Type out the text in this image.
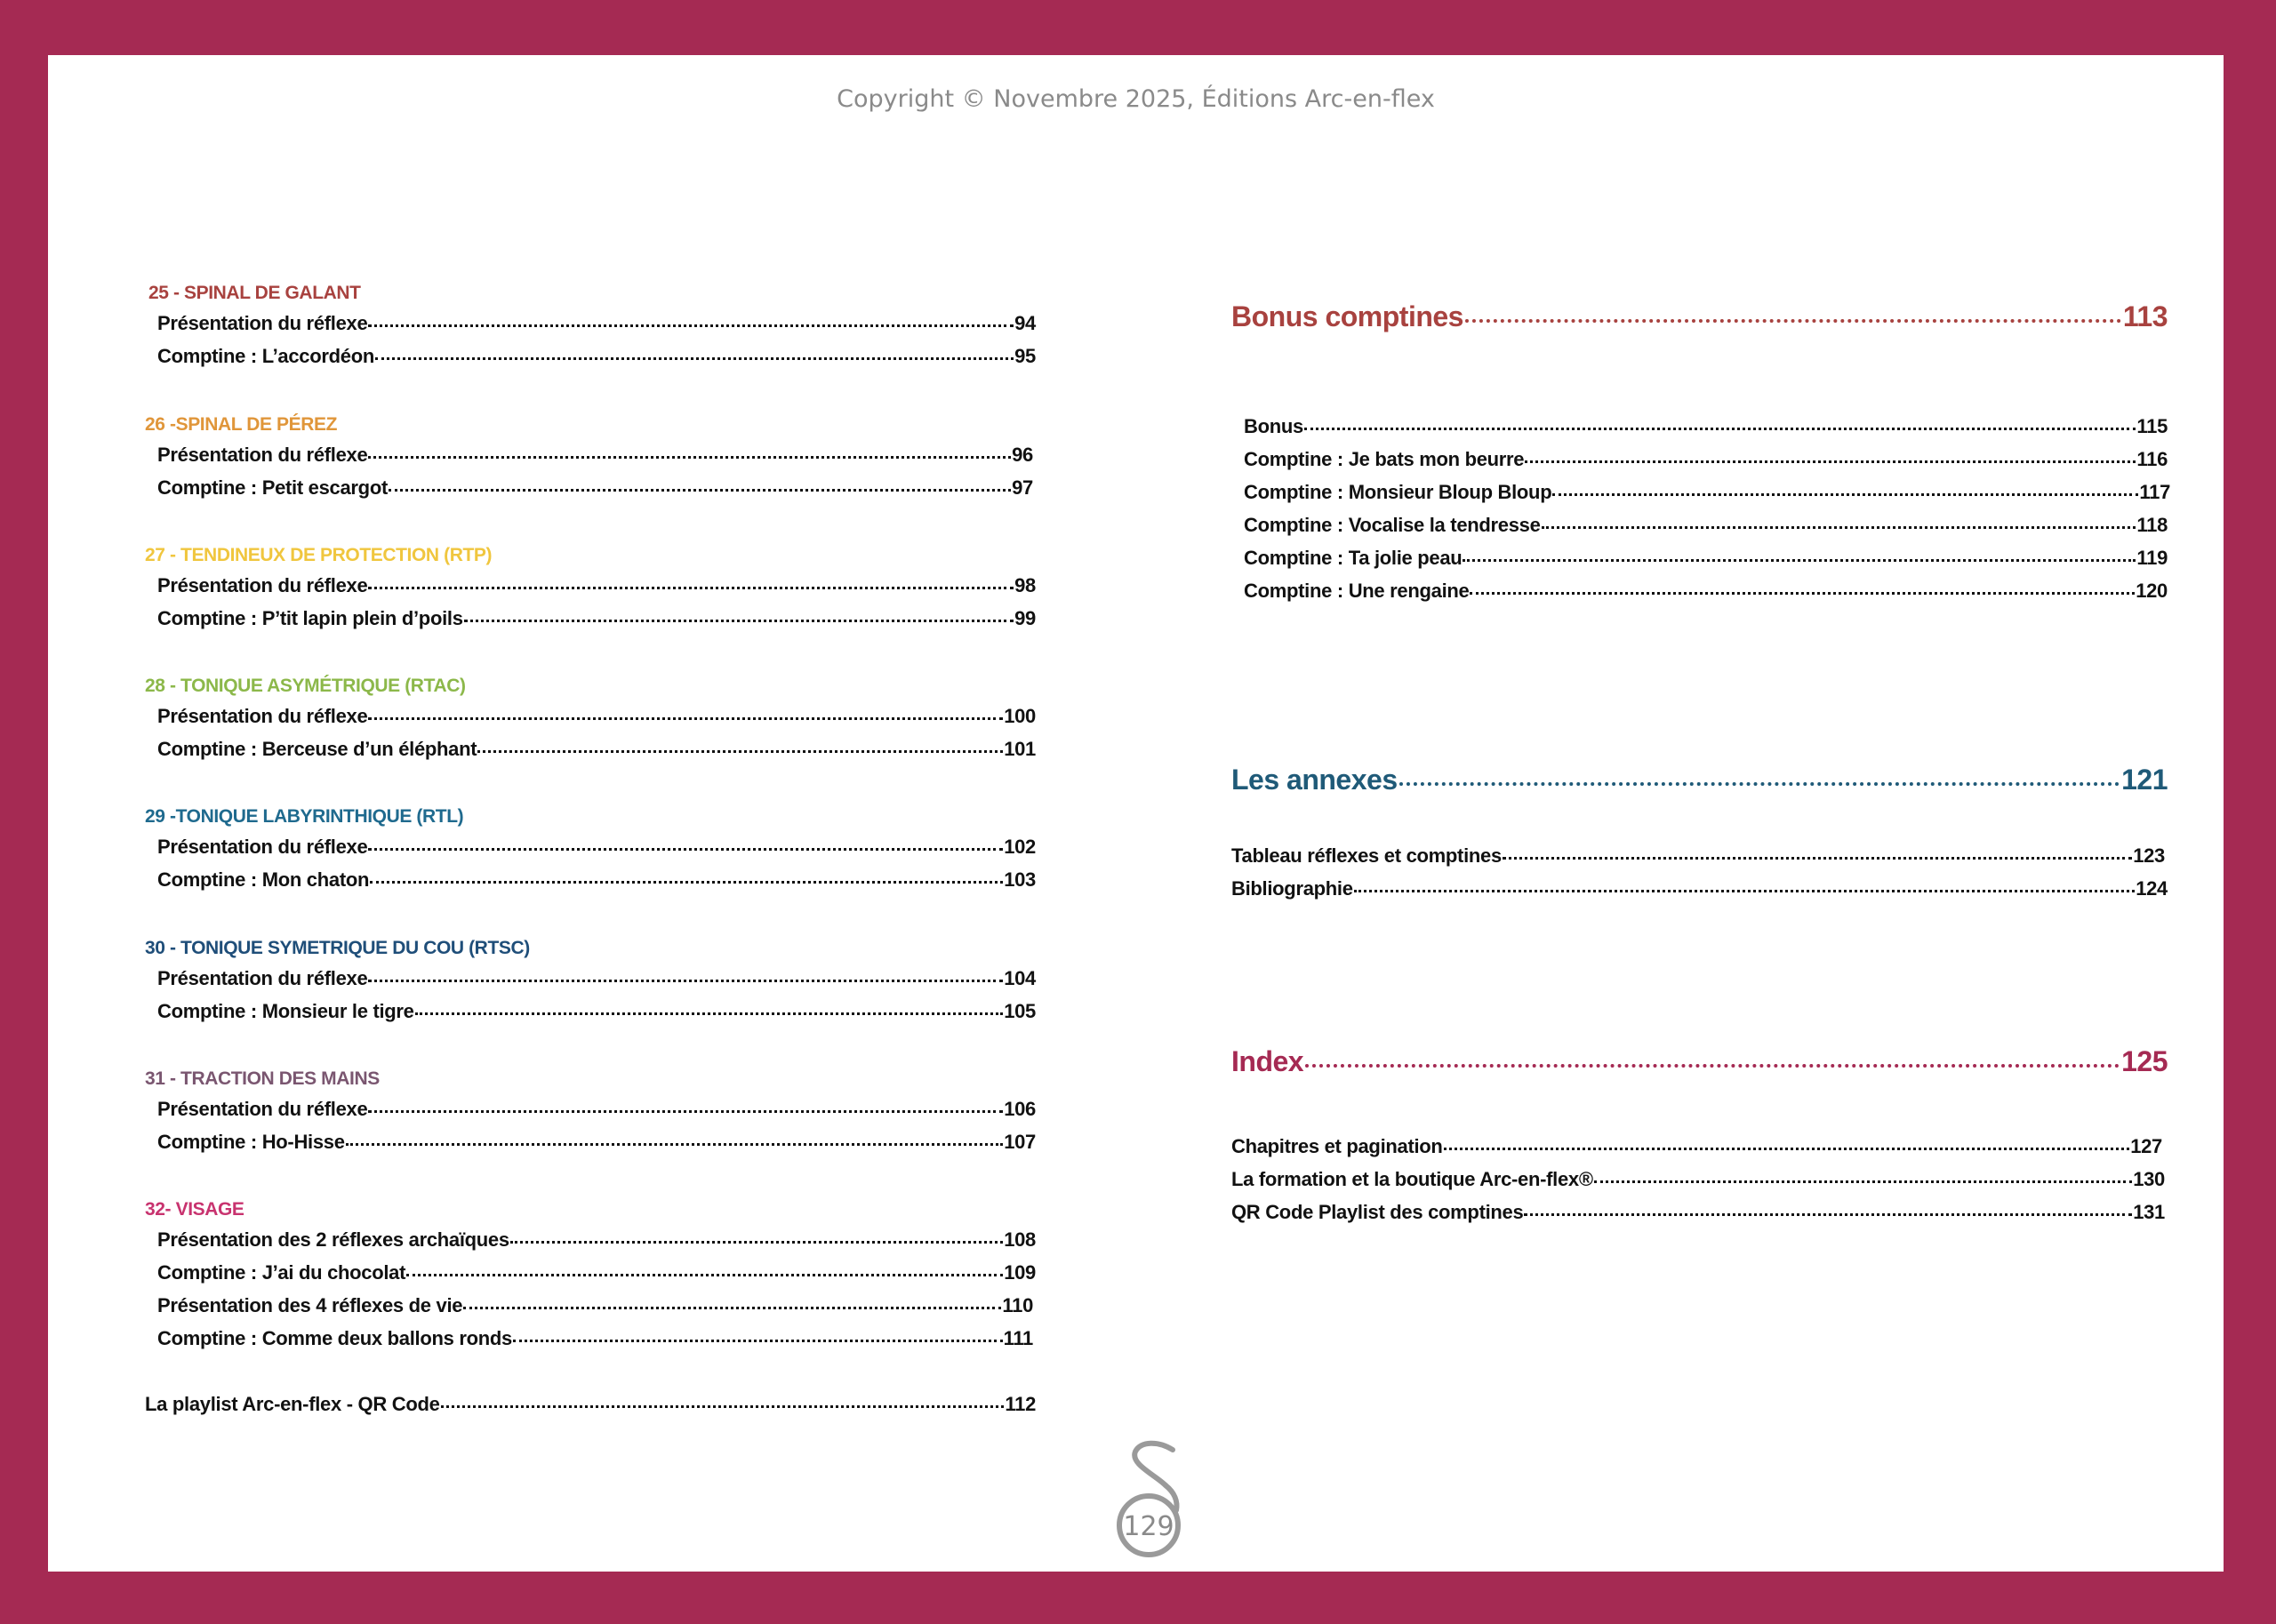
Copyright © Novembre 2025, Éditions Arc-en-flex
25 - SPINAL DE GALANT
Présentation du réflexe	94
Comptine : L’accordéon	95
26 -SPINAL DE PÉREZ
Présentation du réflexe	96
Comptine : Petit escargot	97
27 - TENDINEUX DE PROTECTION (RTP)
Présentation du réflexe	98
Comptine : P’tit lapin plein d’poils	99
28 - TONIQUE ASYMÉTRIQUE (RTAC)
Présentation du réflexe	100
Comptine : Berceuse d’un éléphant	101
29 -TONIQUE LABYRINTHIQUE (RTL)
Présentation du réflexe	102
Comptine : Mon chaton	103
30 - TONIQUE SYMETRIQUE DU COU (RTSC)
Présentation du réflexe	104
Comptine : Monsieur le tigre	105
31 - TRACTION DES MAINS
Présentation du réflexe	106
Comptine : Ho-Hisse	107
32- VISAGE
Présentation des 2 réflexes archaïques	108
Comptine : J’ai du chocolat	109
Présentation des 4 réflexes de vie	110
Comptine : Comme deux ballons ronds	111
La playlist Arc-en-flex - QR Code	112
Bonus comptines	113
Bonus	115
Comptine : Je bats mon beurre	116
Comptine : Monsieur Bloup Bloup	117
Comptine : Vocalise la tendresse	118
Comptine : Ta jolie peau	119
Comptine : Une rengaine	120
Les annexes	121
Tableau réflexes et comptines	123
Bibliographie	124
Index	125
Chapitres et pagination	127
La formation et la boutique Arc-en-flex®	130
QR Code Playlist des comptines	131
129
